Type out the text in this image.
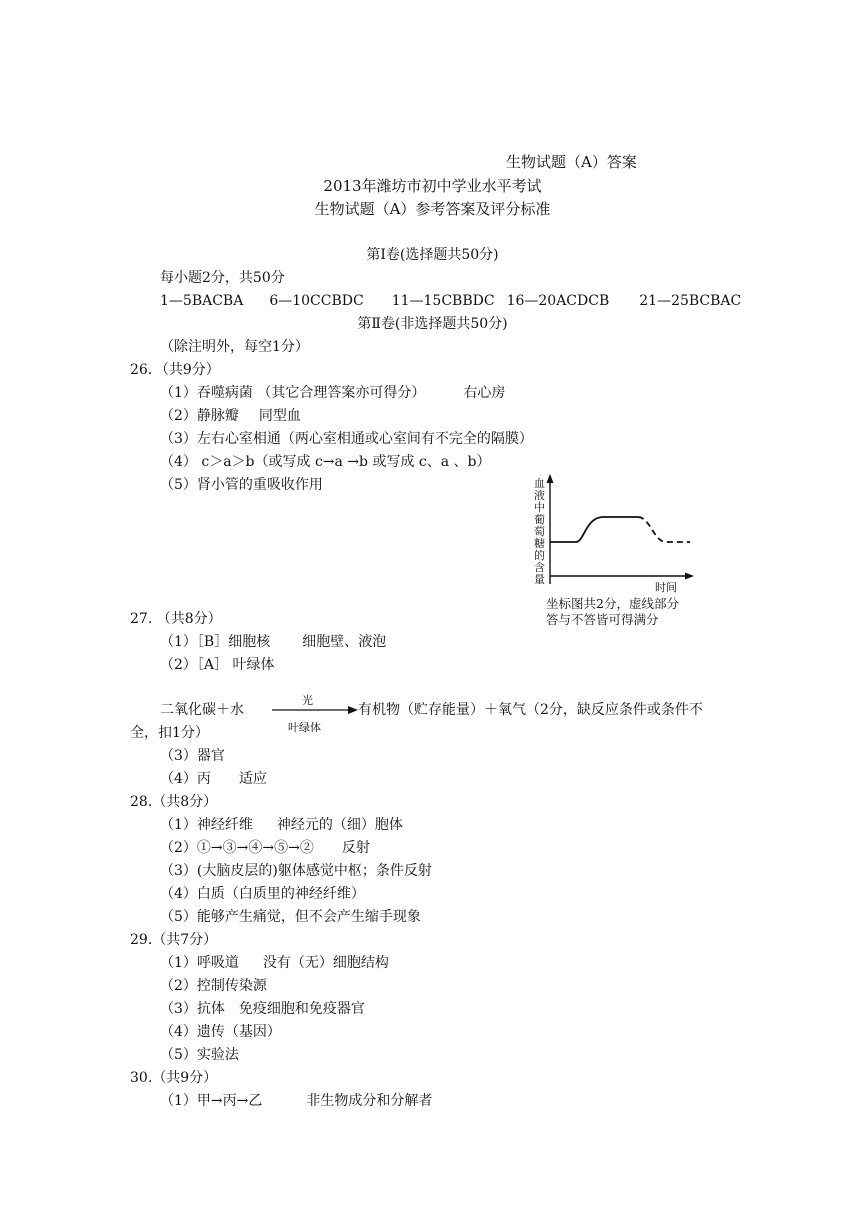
生物试题（A）答案
2013年潍坊市初中学业水平考试
生物试题（A）参考答案及评分标准
第Ⅰ卷(选择题共50分)
每小题2分，共50分
1—5BACBA 6—10CCBDC 11—15CBBDC 16—20ACDCB 21—25BCBAC
第Ⅱ卷(非选择题共50分)
（除注明外，每空1分）
26．（共9分）
（1）吞噬病菌 （其它合理答案亦可得分）	右心房
（2）静脉瓣 同型血
（3）左右心室相通（两心室相通或心室间有不完全的隔膜）
（4） c＞a＞b（或写成 c→a →b 或写成 c、a 、b）
（5）肾小管的重吸收作用	血液中葡萄糖的含量
时间
坐标图共2分，虚线部分
答与不答皆可得满分
27. （共8分）
（1）［B］细胞核 细胞壁、液泡
（2）［A］ 叶绿体
二氧化碳＋水
光
叶绿体
有机物（贮存能量）＋氧气（2分，缺反应条件或条件不
全，扣1分）
（3）器官
（4）丙 适应
28.（共8分）
（1）神经纤维 神经元的（细）胞体
（2）①→③→④→⑤→② 反射
（3）(大脑皮层的)躯体感觉中枢；条件反射
（4）白质（白质里的神经纤维）
（5）能够产生痛觉，但不会产生缩手现象
29.（共7分）
（1）呼吸道 没有（无）细胞结构
（2）控制传染源
（3）抗体 免疫细胞和免疫器官
（4）遗传（基因）
（5）实验法
30.（共9分）
（1）甲→丙→乙	非生物成分和分解者
